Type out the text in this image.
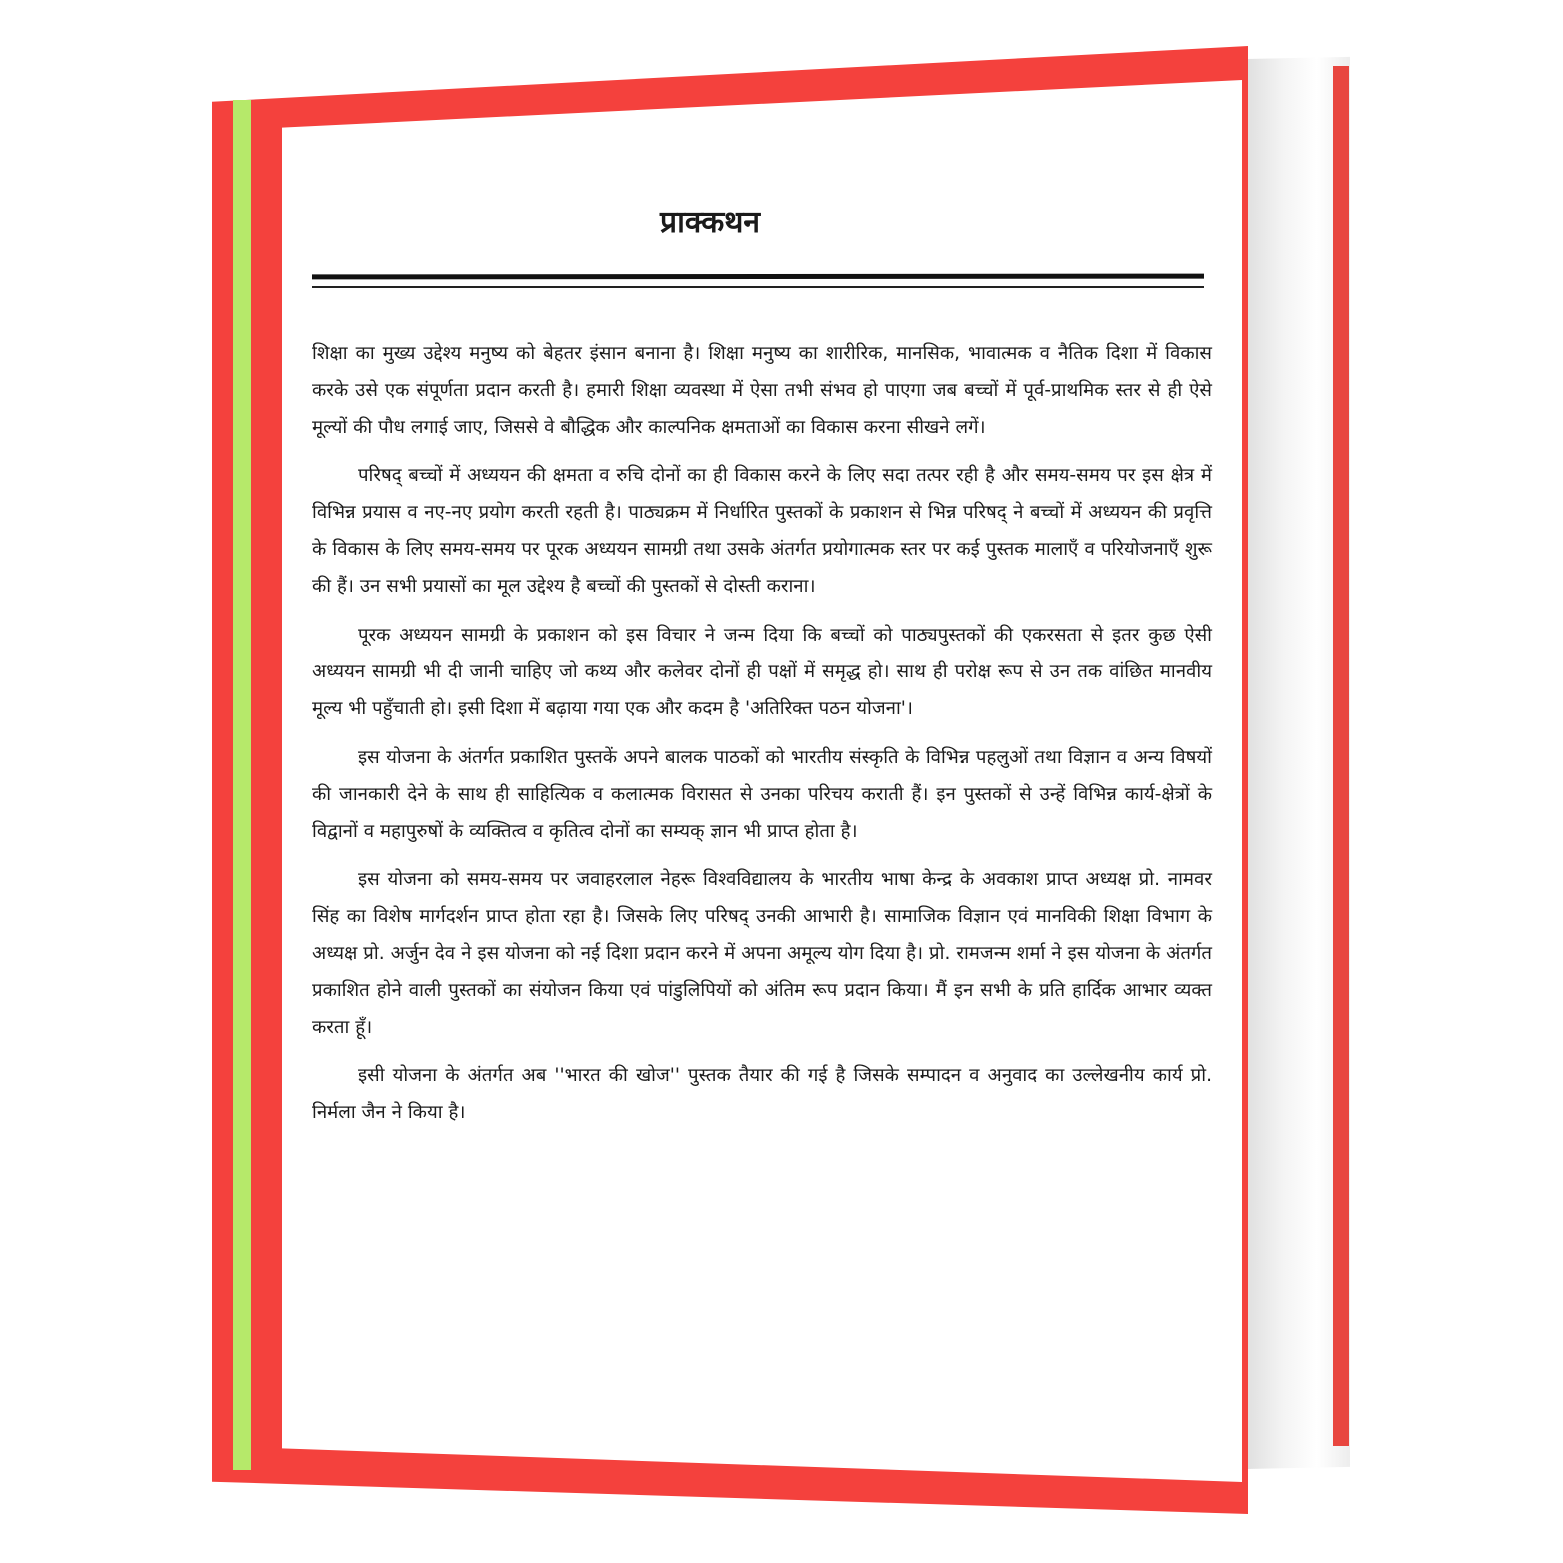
प्राक्कथन

शिक्षा का मुख्य उद्देश्य मनुष्य को बेहतर इंसान बनाना है। शिक्षा मनुष्य का शारीरिक, मानसिक, भावात्मक व नैतिक दिशा में विकास करके उसे एक संपूर्णता प्रदान करती है। हमारी शिक्षा व्यवस्था में ऐसा तभी संभव हो पाएगा जब बच्चों में पूर्व-प्राथमिक स्तर से ही ऐसे मूल्यों की पौध लगाई जाए, जिससे वे बौद्धिक और काल्पनिक क्षमताओं का विकास करना सीखने लगें।

परिषद् बच्चों में अध्ययन की क्षमता व रुचि दोनों का ही विकास करने के लिए सदा तत्पर रही है और समय-समय पर इस क्षेत्र में विभिन्न प्रयास व नए-नए प्रयोग करती रहती है। पाठ्यक्रम में निर्धारित पुस्तकों के प्रकाशन से भिन्न परिषद् ने बच्चों में अध्ययन की प्रवृत्ति के विकास के लिए समय-समय पर पूरक अध्ययन सामग्री तथा उसके अंतर्गत प्रयोगात्मक स्तर पर कई पुस्तक मालाएँ व परियोजनाएँ शुरू की हैं। उन सभी प्रयासों का मूल उद्देश्य है बच्चों की पुस्तकों से दोस्ती कराना।

पूरक अध्ययन सामग्री के प्रकाशन को इस विचार ने जन्म दिया कि बच्चों को पाठ्यपुस्तकों की एकरसता से इतर कुछ ऐसी अध्ययन सामग्री भी दी जानी चाहिए जो कथ्य और कलेवर दोनों ही पक्षों में समृद्ध हो। साथ ही परोक्ष रूप से उन तक वांछित मानवीय मूल्य भी पहुँचाती हो। इसी दिशा में बढ़ाया गया एक और कदम है 'अतिरिक्त पठन योजना'।

इस योजना के अंतर्गत प्रकाशित पुस्तकें अपने बालक पाठकों को भारतीय संस्कृति के विभिन्न पहलुओं तथा विज्ञान व अन्य विषयों की जानकारी देने के साथ ही साहित्यिक व कलात्मक विरासत से उनका परिचय कराती हैं। इन पुस्तकों से उन्हें विभिन्न कार्य-क्षेत्रों के विद्वानों व महापुरुषों के व्यक्तित्व व कृतित्व दोनों का सम्यक् ज्ञान भी प्राप्त होता है।

इस योजना को समय-समय पर जवाहरलाल नेहरू विश्वविद्यालय के भारतीय भाषा केन्द्र के अवकाश प्राप्त अध्यक्ष प्रो. नामवर सिंह का विशेष मार्गदर्शन प्राप्त होता रहा है। जिसके लिए परिषद् उनकी आभारी है। सामाजिक विज्ञान एवं मानविकी शिक्षा विभाग के अध्यक्ष प्रो. अर्जुन देव ने इस योजना को नई दिशा प्रदान करने में अपना अमूल्य योग दिया है। प्रो. रामजन्म शर्मा ने इस योजना के अंतर्गत प्रकाशित होने वाली पुस्तकों का संयोजन किया एवं पांडुलिपियों को अंतिम रूप प्रदान किया। मैं इन सभी के प्रति हार्दिक आभार व्यक्त करता हूँ।

इसी योजना के अंतर्गत अब ''भारत की खोज'' पुस्तक तैयार की गई है जिसके सम्पादन व अनुवाद का उल्लेखनीय कार्य प्रो. निर्मला जैन ने किया है।
